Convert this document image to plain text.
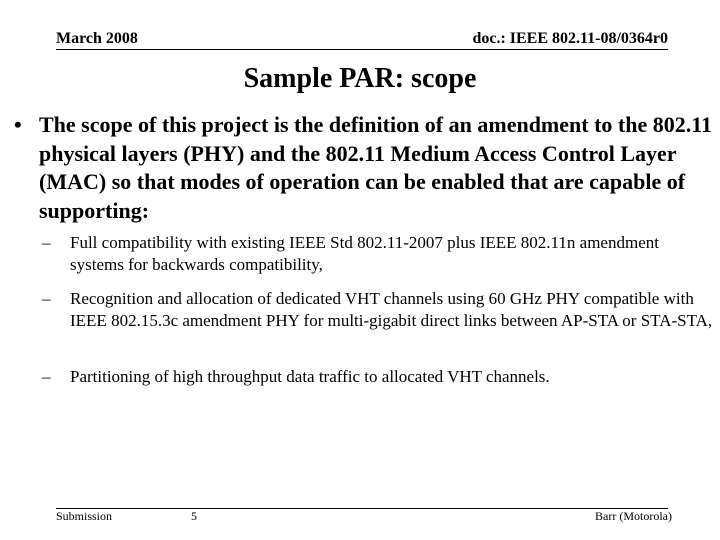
March 2008	doc.: IEEE 802.11-08/0364r0
Sample PAR: scope
• The scope of this project is the definition of an amendment to the 802.11 physical layers (PHY) and the 802.11 Medium Access Control Layer (MAC) so that modes of operation can be enabled that are capable of supporting:
– Full compatibility with existing IEEE Std 802.11-2007 plus IEEE 802.11n amendment systems for backwards compatibility,
– Recognition and allocation of dedicated VHT channels using 60 GHz PHY compatible with IEEE 802.15.3c amendment PHY for multi-gigabit direct links between AP-STA or STA-STA,
– Partitioning of high throughput data traffic to allocated VHT channels.
Submission	5	Barr (Motorola)
